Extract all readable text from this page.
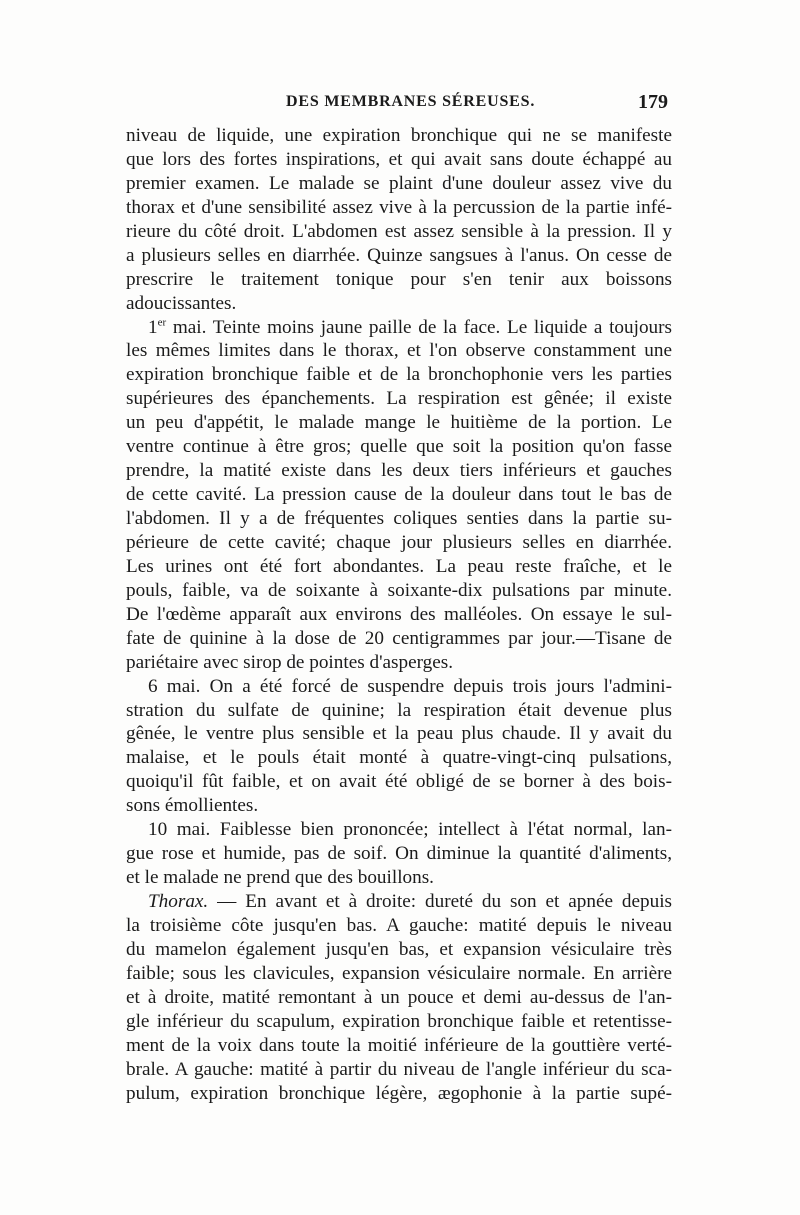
DES MEMBRANES SÉREUSES.	179
niveau de liquide, une expiration bronchique qui ne se manifeste
que lors des fortes inspirations, et qui avait sans doute échappé au
premier examen. Le malade se plaint d'une douleur assez vive du
thorax et d'une sensibilité assez vive à la percussion de la partie infé-
rieure du côté droit. L'abdomen est assez sensible à la pression. Il y
a plusieurs selles en diarrhée. Quinze sangsues à l'anus. On cesse de
prescrire le traitement tonique pour s'en tenir aux boissons
adoucissantes.
1er mai. Teinte moins jaune paille de la face. Le liquide a toujours
les mêmes limites dans le thorax, et l'on observe constamment une
expiration bronchique faible et de la bronchophonie vers les parties
supérieures des épanchements. La respiration est gênée; il existe
un peu d'appétit, le malade mange le huitième de la portion. Le
ventre continue à être gros; quelle que soit la position qu'on fasse
prendre, la matité existe dans les deux tiers inférieurs et gauches
de cette cavité. La pression cause de la douleur dans tout le bas de
l'abdomen. Il y a de fréquentes coliques senties dans la partie su-
périeure de cette cavité; chaque jour plusieurs selles en diarrhée.
Les urines ont été fort abondantes. La peau reste fraîche, et le
pouls, faible, va de soixante à soixante-dix pulsations par minute.
De l'œdème apparaît aux environs des malléoles. On essaye le sul-
fate de quinine à la dose de 20 centigrammes par jour.—Tisane de
pariétaire avec sirop de pointes d'asperges.
6 mai. On a été forcé de suspendre depuis trois jours l'admini-
stration du sulfate de quinine; la respiration était devenue plus
gênée, le ventre plus sensible et la peau plus chaude. Il y avait du
malaise, et le pouls était monté à quatre-vingt-cinq pulsations,
quoiqu'il fût faible, et on avait été obligé de se borner à des bois-
sons émollientes.
10 mai. Faiblesse bien prononcée; intellect à l'état normal, lan-
gue rose et humide, pas de soif. On diminue la quantité d'aliments,
et le malade ne prend que des bouillons.
Thorax. — En avant et à droite: dureté du son et apnée depuis
la troisième côte jusqu'en bas. A gauche: matité depuis le niveau
du mamelon également jusqu'en bas, et expansion vésiculaire très
faible; sous les clavicules, expansion vésiculaire normale. En arrière
et à droite, matité remontant à un pouce et demi au-dessus de l'an-
gle inférieur du scapulum, expiration bronchique faible et retentisse-
ment de la voix dans toute la moitié inférieure de la gouttière verté-
brale. A gauche: matité à partir du niveau de l'angle inférieur du sca-
pulum, expiration bronchique légère, ægophonie à la partie supé-
